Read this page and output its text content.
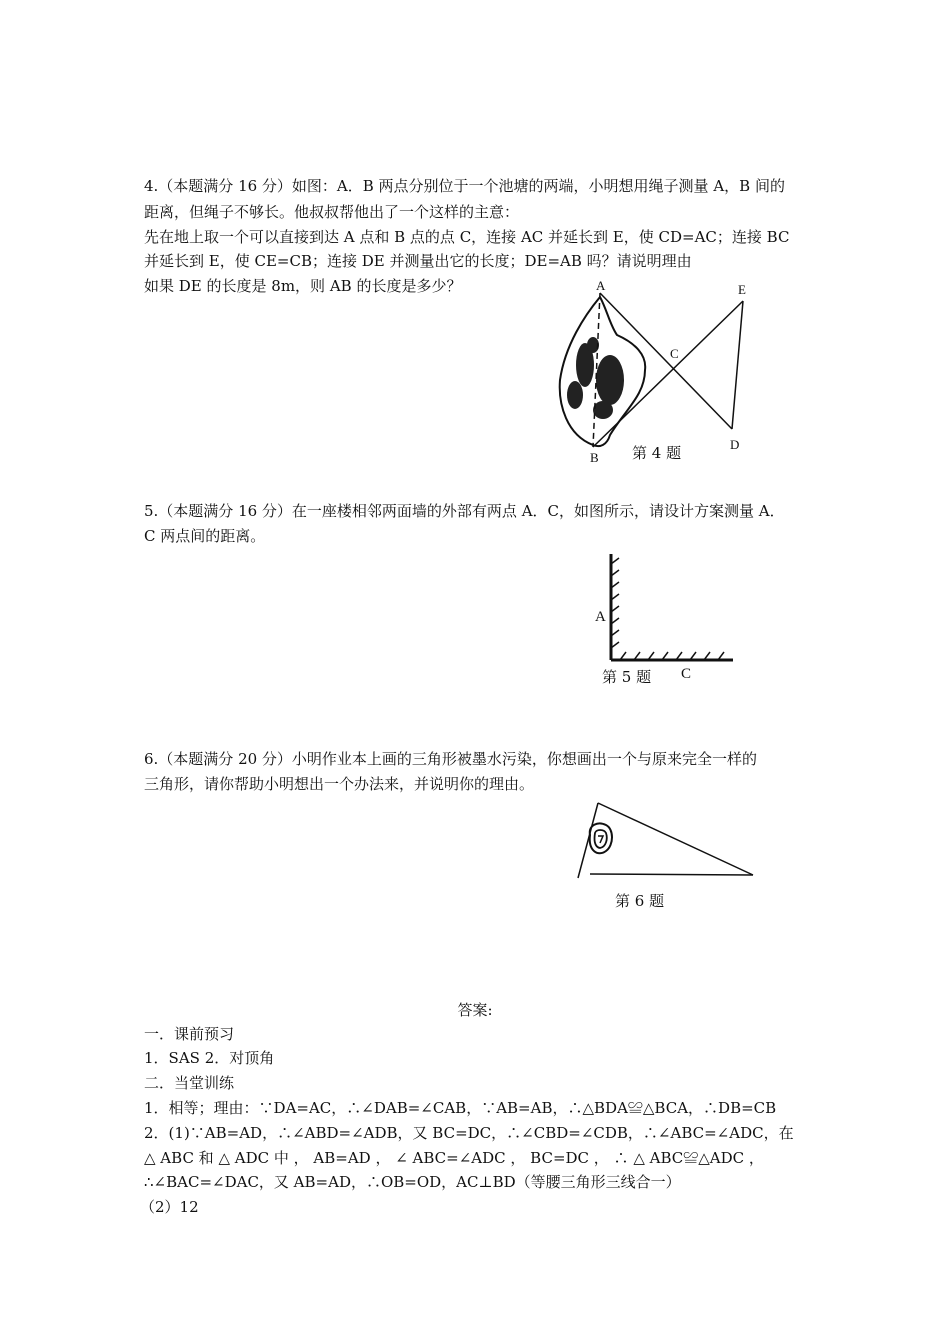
4.（本题满分 16 分）如图：A．B 两点分别位于一个池塘的两端，小明想用绳子测量 A，B 间的
距离，但绳子不够长。他叔叔帮他出了一个这样的主意：
先在地上取一个可以直接到达 A 点和 B 点的点 C，连接 AC 并延长到 E，使 CD=AC；连接 BC
并延长到 E，使 CE=CB；连接 DE 并测量出它的长度；DE=AB 吗？请说明理由
如果 DE 的长度是 8m，则 AB 的长度是多少？	A	E
C
D
B 第 4 题
5.（本题满分 16 分）在一座楼相邻两面墙的外部有两点 A．C，如图所示，请设计方案测量 A．
C 两点间的距离。
A
C
第 5 题
6.（本题满分 20 分）小明作业本上画的三角形被墨水污染，你想画出一个与原来完全一样的
三角形，请你帮助小明想出一个办法来，并说明你的理由。
第 6 题
答案:
一．课前预习
1．SAS 2．对顶角
二．当堂训练
1．相等；理由：∵DA=AC，∴∠DAB=∠CAB，∵AB=AB，∴△BDA≌△BCA，∴DB=CB
2．(1)∵AB=AD，∴∠ABD=∠ADB，又 BC=DC，∴∠CBD=∠CDB，∴∠ABC=∠ADC，在
△ ABC 和 △ ADC 中 ， AB=AD ， ∠ ABC=∠ADC ， BC=DC ， ∴ △ ABC≌△ADC ，
∴∠BAC=∠DAC，又 AB=AD，∴OB=OD，AC⊥BD（等腰三角形三线合一）
（2）12
